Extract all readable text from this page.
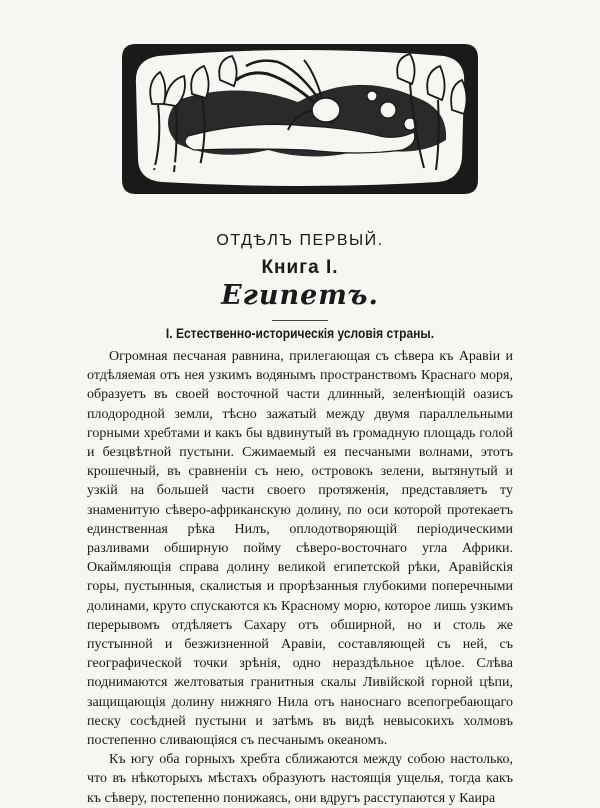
ОТДѢЛЪ ПЕРВЫЙ.
Книга I.
Египетъ.
I. Естественно-историческія условія страны.

Огромная песчаная равнина, прилегающая съ сѣвера къ Аравіи и отдѣляемая отъ нея узкимъ водянымъ пространствомъ Краснаго моря, образуетъ въ своей восточной части длинный, зеленѣющій оазисъ плодородной земли, тѣсно зажатый между двумя параллельными горными хребтами и какъ бы вдвинутый въ громадную площадь голой и безцвѣтной пустыни. Сжимаемый ея песчаными волнами, этотъ крошечный, въ сравненіи съ нею, островокъ зелени, вытянутый и узкій на большей части своего протяженія, представляетъ ту знаменитую сѣверо-африканскую долину, по оси которой протекаетъ единственная рѣка Нилъ, оплодотворяющій періодическими разливами обширную пойму сѣверо-восточнаго угла Африки. Окаймляющія справа долину великой египетской рѣки, Аравійскія горы, пустынныя, скалистыя и прорѣзанныя глубокими поперечными долинами, круто спускаются къ Красному морю, которое лишь узкимъ перерывомъ отдѣляетъ Сахару отъ обширной, но и столь же пустынной и безжизненной Аравіи, составляющей съ ней, съ географической точки зрѣнія, одно нераздѣльное цѣлое. Слѣва поднимаются желтоватыя гранитныя скалы Ливійской горной цѣпи, защищающія долину нижняго Нила отъ наноснаго всепогребающаго песку сосѣдней пустыни и затѣмъ въ видѣ невысокихъ холмовъ постепенно сливающіяся съ песчанымъ океаномъ.

Къ югу оба горныхъ хребта сближаются между собою настолько, что въ нѣкоторыхъ мѣстахъ образуютъ настоящія ущелья, тогда какъ къ сѣверу, постепенно понижаясь, они вдругъ расступаются у Каира
